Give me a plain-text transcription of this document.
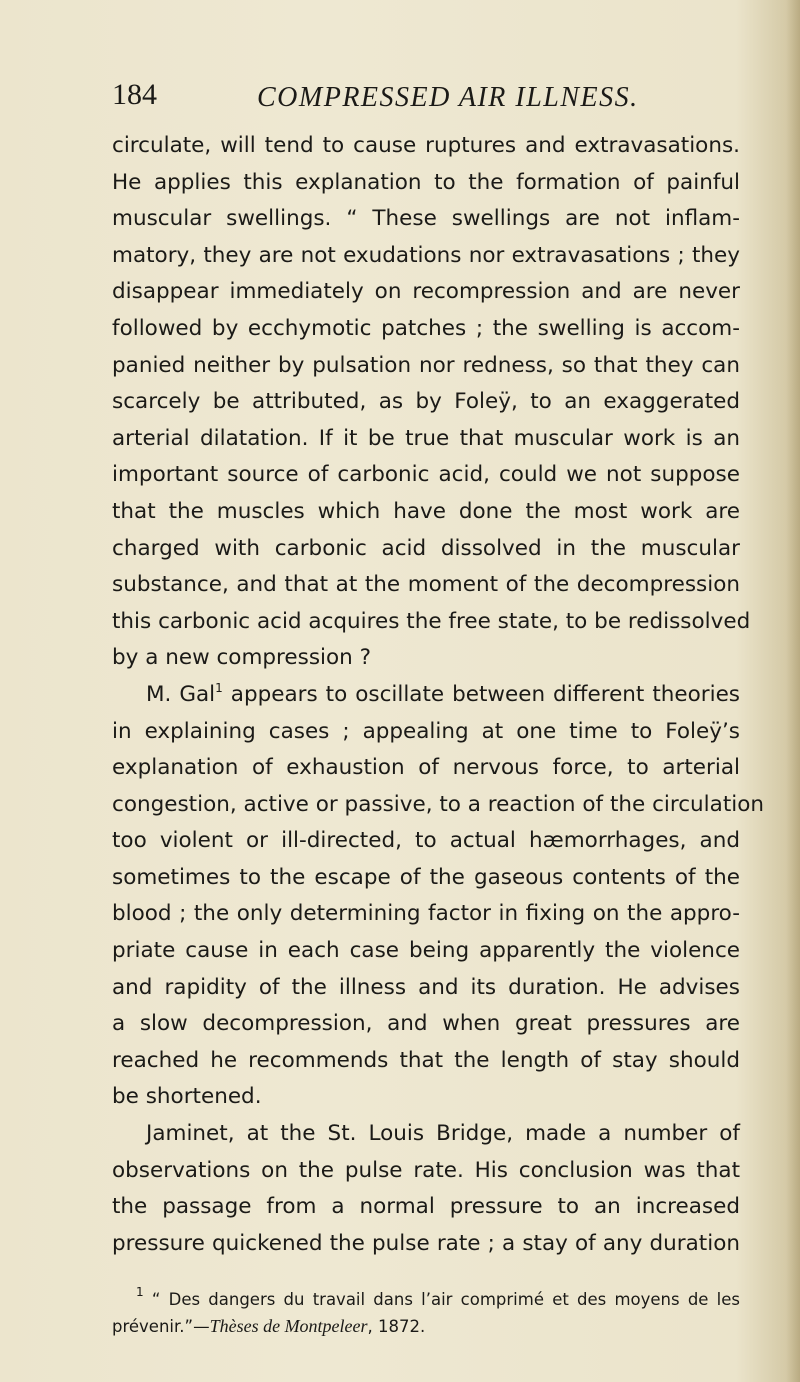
184	COMPRESSED AIR ILLNESS.
circulate, will tend to cause ruptures and extravasations.
He applies this explanation to the formation of painful
muscular swellings. “ These swellings are not inflam-
matory, they are not exudations nor extravasations ; they
disappear immediately on recompression and are never
followed by ecchymotic patches ; the swelling is accom-
panied neither by pulsation nor redness, so that they can
scarcely be attributed, as by Foleÿ, to an exaggerated
arterial dilatation. If it be true that muscular work is an
important source of carbonic acid, could we not suppose
that the muscles which have done the most work are
charged with carbonic acid dissolved in the muscular
substance, and that at the moment of the decompression
this carbonic acid acquires the free state, to be redissolved
by a new compression ?
M. Gal$^1$ appears to oscillate between different theories
in explaining cases ; appealing at one time to Foleÿ’s
explanation of exhaustion of nervous force, to arterial
congestion, active or passive, to a reaction of the circulation
too violent or ill-directed, to actual hæmorrhages, and
sometimes to the escape of the gaseous contents of the
blood ; the only determining factor in fixing on the appro-
priate cause in each case being apparently the violence
and rapidity of the illness and its duration. He advises
a slow decompression, and when great pressures are
reached he recommends that the length of stay should
be shortened.
Jaminet, at the St. Louis Bridge, made a number of
observations on the pulse rate. His conclusion was that
the passage from a normal pressure to an increased
pressure quickened the pulse rate ; a stay of any duration
$^1$ “ Des dangers du travail dans l’air comprimé et des moyens de les
prévenir.”—Thèses de Montpeleer, 1872.
